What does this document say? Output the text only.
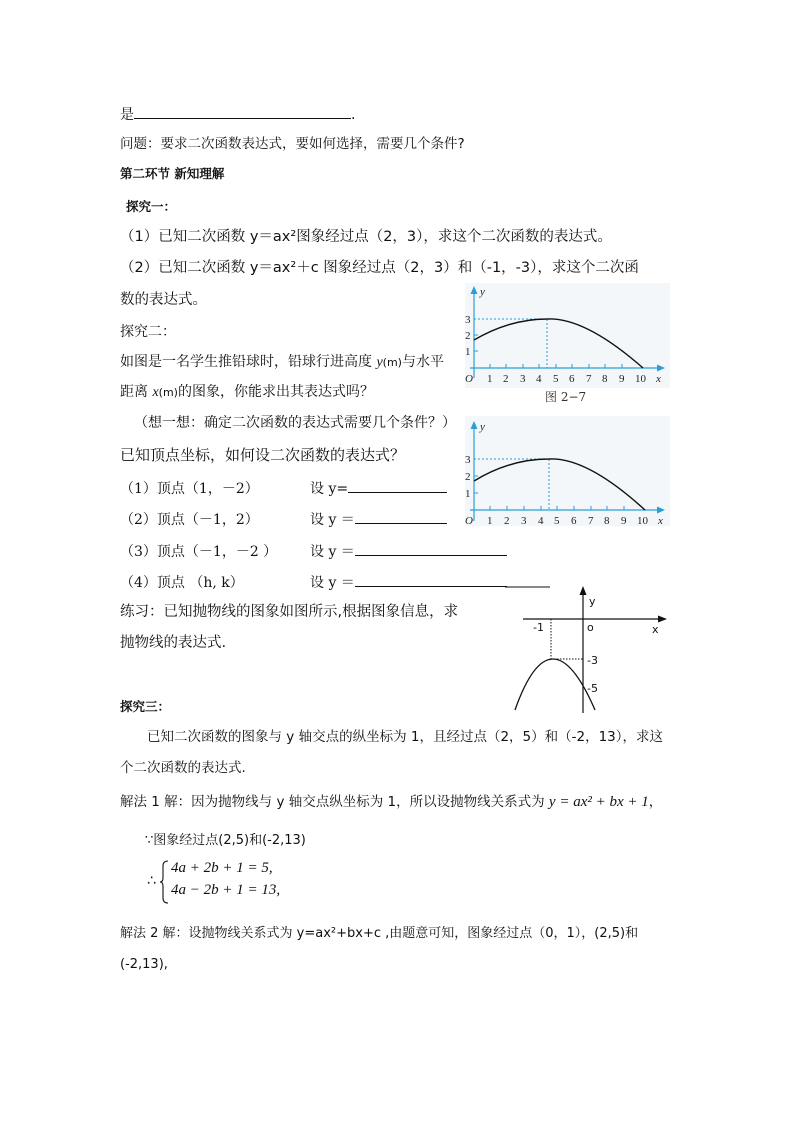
是	.
问题：要求二次函数表达式，要如何选择，需要几个条件?
第二环节 新知理解
探究一：
（1）已知二次函数 y＝ax²图象经过点（2，3），求这个二次函数的表达式。
（2）已知二次函数 y＝ax²＋c 图象经过点（2，3）和（-1，-3），求这个二次函
数的表达式。
探究二：
如图是一名学生推铅球时，铅球行进高度 y(m)与水平
距离 x(m)的图象，你能求出其表达式吗？
（想一想：确定二次函数的表达式需要几个条件？）
已知顶点坐标，如何设二次函数的表达式？
（1）顶点（1，－2）	设 y=
（2）顶点（－1，2）	设 y ＝
（3）顶点（－1，－2 ） 设 y ＝
（4）顶点 （h, k）	设 y ＝
y
3
2
1
O 1 2 3 4 5 6 7 8 9 10 x
图 2−7
y
3
2
1
O 1 2 3 4 5 6 7 8 9 10 x
练习：已知抛物线的图象如图所示,根据图象信息，求
抛物线的表达式.
y
o	x
-1
-3
-5
探究三：
已知二次函数的图象与 y 轴交点的纵坐标为 1，且经过点（2，5）和（-2，13），求这
个二次函数的表达式.
解法 1 解：因为抛物线与 y 轴交点纵坐标为 1，所以设抛物线关系式为 y = ax² + bx + 1，
∵图象经过点(2,5)和(-2,13)
∴
4a + 2b + 1 = 5,
4a − 2b + 1 = 13,
解法 2 解：设抛物线关系式为 y=ax²+bx+c ,由题意可知，图象经过点（0，1），(2,5)和
(-2,13),
